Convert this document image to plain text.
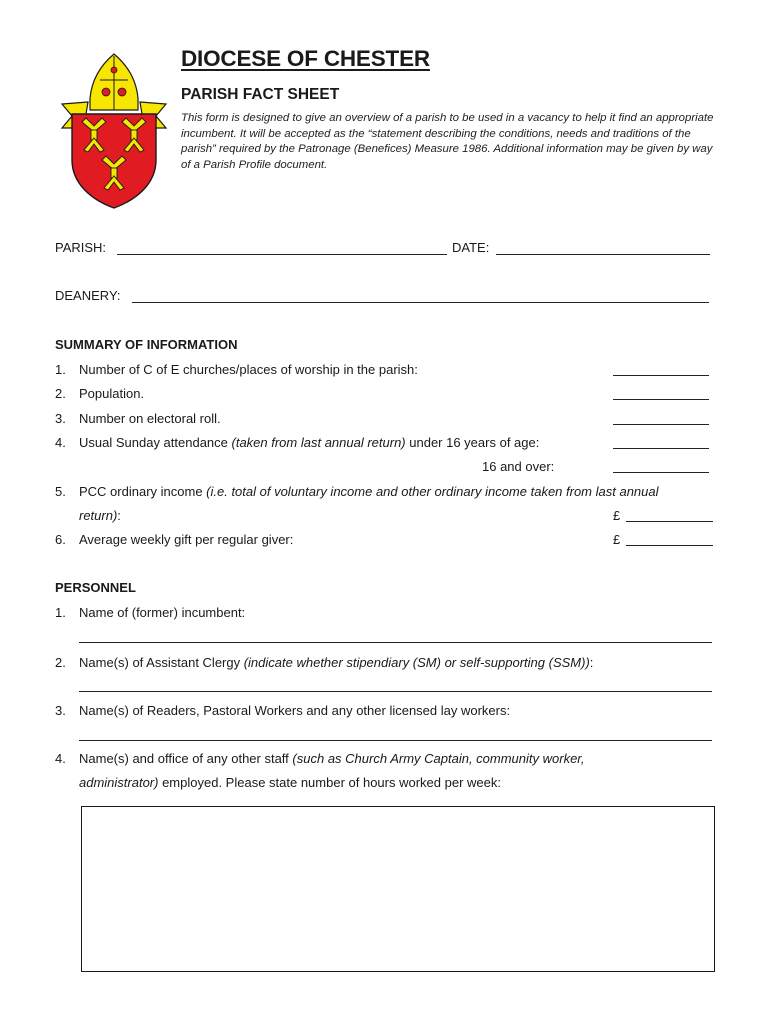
DIOCESE OF CHESTER
PARISH FACT SHEET
This form is designed to give an overview of a parish to be used in a vacancy to help it find an appropriate incumbent. It will be accepted as the “statement describing the conditions, needs and traditions of the parish” required by the Patronage (Benefices) Measure 1986. Additional information may be given by way of a Parish Profile document.
PARISH:	DATE:
DEANERY:
SUMMARY OF INFORMATION
1. Number of C of E churches/places of worship in the parish:
2. Population.
3. Number on electoral roll.
4. Usual Sunday attendance (taken from last annual return) under 16 years of age:
16 and over:
5. PCC ordinary income (i.e. total of voluntary income and other ordinary income taken from last annual
return):	£
6. Average weekly gift per regular giver:	£
PERSONNEL
1. Name of (former) incumbent:
2. Name(s) of Assistant Clergy (indicate whether stipendiary (SM) or self-supporting (SSM)):
3. Name(s) of Readers, Pastoral Workers and any other licensed lay workers:
4. Name(s) and office of any other staff (such as Church Army Captain, community worker,
administrator) employed. Please state number of hours worked per week:
